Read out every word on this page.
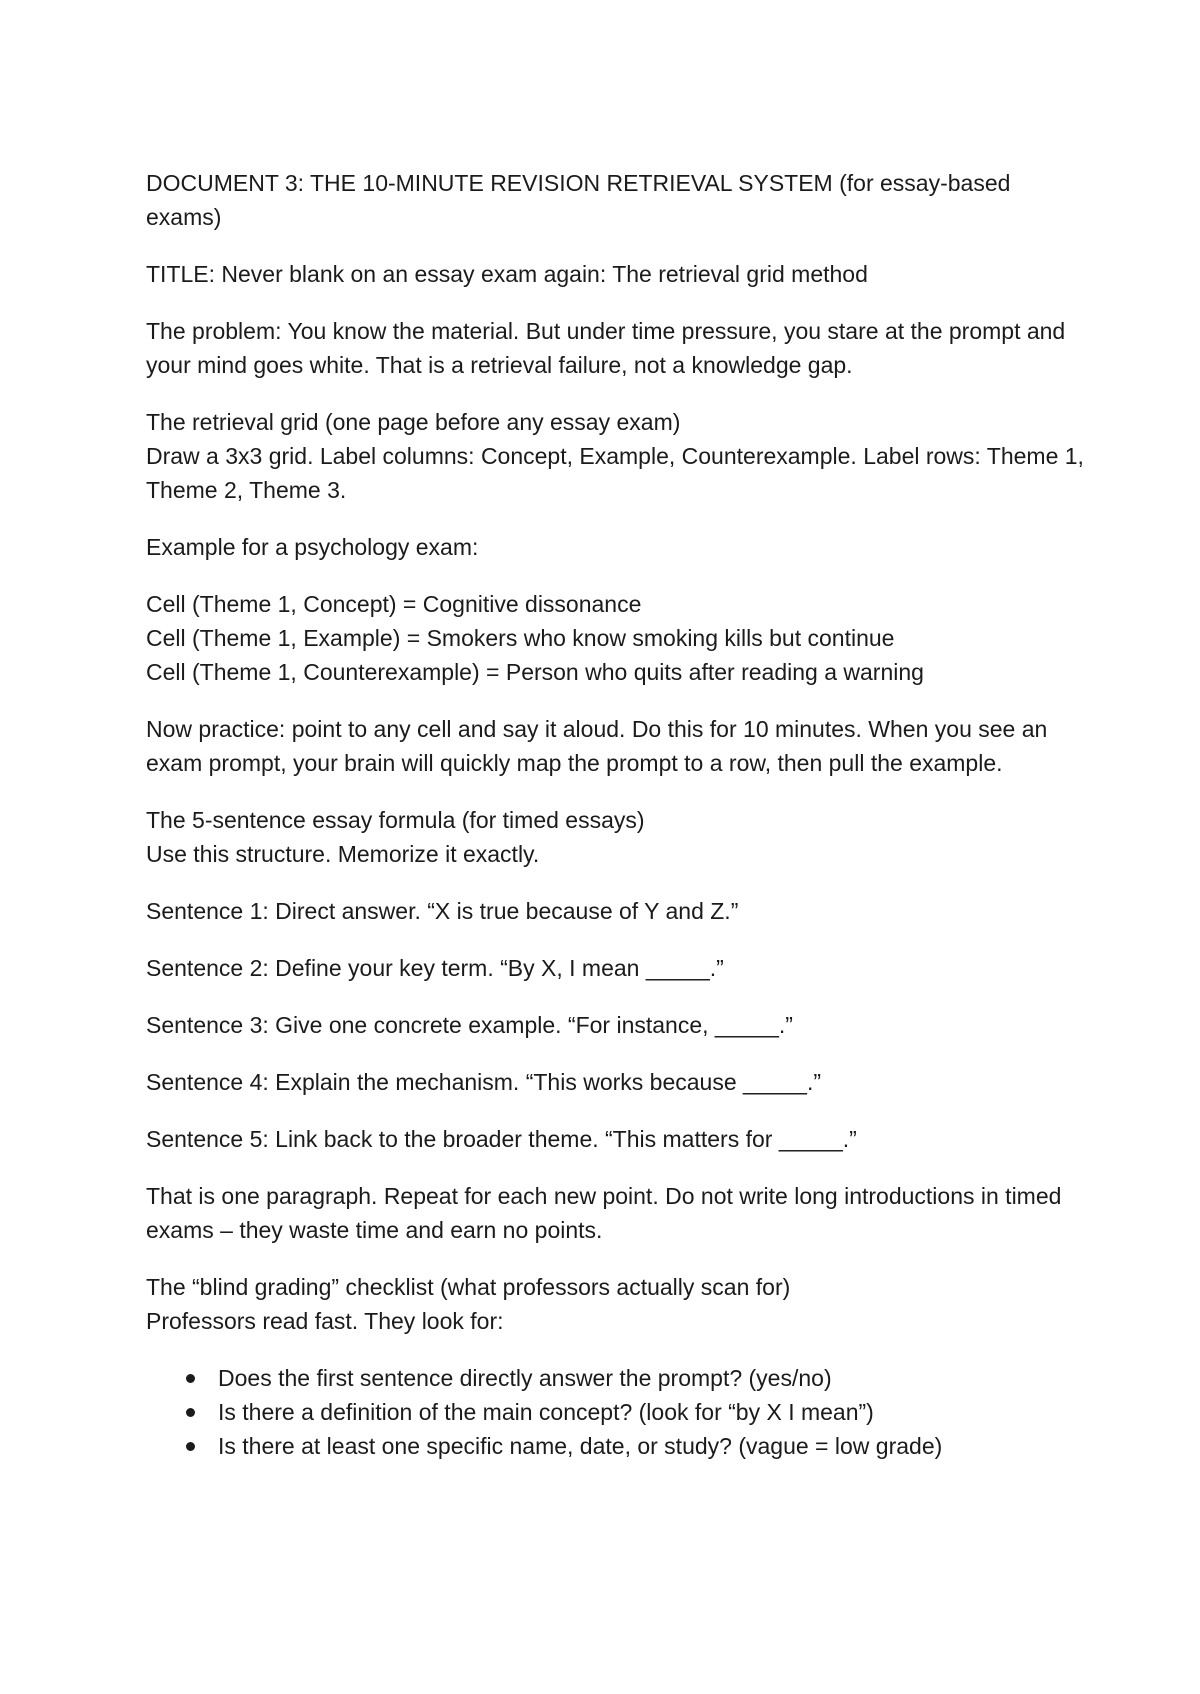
DOCUMENT 3: THE 10-MINUTE REVISION RETRIEVAL SYSTEM (for essay-based exams)

TITLE: Never blank on an essay exam again: The retrieval grid method

The problem: You know the material. But under time pressure, you stare at the prompt and your mind goes white. That is a retrieval failure, not a knowledge gap.

The retrieval grid (one page before any essay exam)
Draw a 3x3 grid. Label columns: Concept, Example, Counterexample. Label rows: Theme 1, Theme 2, Theme 3.

Example for a psychology exam:

Cell (Theme 1, Concept) = Cognitive dissonance
Cell (Theme 1, Example) = Smokers who know smoking kills but continue
Cell (Theme 1, Counterexample) = Person who quits after reading a warning

Now practice: point to any cell and say it aloud. Do this for 10 minutes. When you see an exam prompt, your brain will quickly map the prompt to a row, then pull the example.

The 5-sentence essay formula (for timed essays)
Use this structure. Memorize it exactly.

Sentence 1: Direct answer. “X is true because of Y and Z.”

Sentence 2: Define your key term. “By X, I mean _____.”

Sentence 3: Give one concrete example. “For instance, _____.”

Sentence 4: Explain the mechanism. “This works because _____.”

Sentence 5: Link back to the broader theme. “This matters for _____.”

That is one paragraph. Repeat for each new point. Do not write long introductions in timed exams – they waste time and earn no points.

The “blind grading” checklist (what professors actually scan for)
Professors read fast. They look for:

Does the first sentence directly answer the prompt? (yes/no)
Is there a definition of the main concept? (look for “by X I mean”)
Is there at least one specific name, date, or study? (vague = low grade)
